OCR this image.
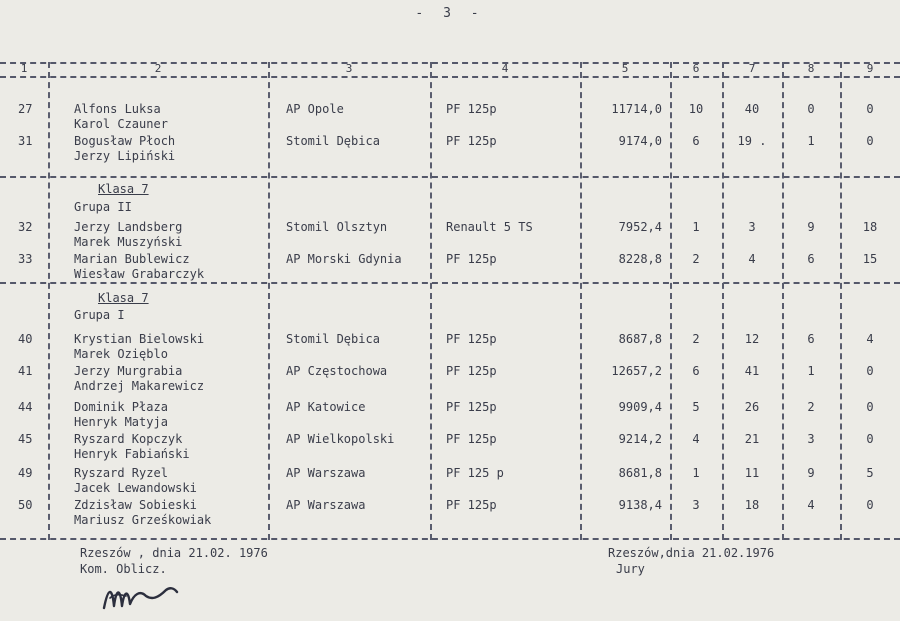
- 3 -
1	2	3	4	5	6	7	8	9
Klasa 7
Grupa II
Klasa 7
Grupa I
27	Alfons Luksa
Karol Czauner
AP Opole	PF 125p	11714,0	10	40	0	0
31	Bogusław Płoch
Jerzy Lipiński
Stomil Dębica	PF 125p	9174,0	6	19 .	1	0
32	Jerzy Landsberg
Marek Muszyński
Stomil Olsztyn	Renault 5 TS	7952,4	1	3	9	18
33	Marian Bublewicz
Wiesław Grabarczyk
AP Morski Gdynia	PF 125p	8228,8	2	4	6	15
40	Krystian Bielowski
Marek Ozięblo
Stomil Dębica	PF 125p	8687,8	2	12	6	4
41	Jerzy Murgrabia
Andrzej Makarewicz
AP Częstochowa	PF 125p	12657,2	6	41	1	0
44	Dominik Płaza
Henryk Matyja
AP Katowice	PF 125p	9909,4	5	26	2	0
45	Ryszard Kopczyk
Henryk Fabiański
AP Wielkopolski	PF 125p	9214,2	4	21	3	0
49	Ryszard Ryzel
Jacek Lewandowski
AP Warszawa	PF 125 p	8681,8	1	11	9	5
50	Zdzisław Sobieski
Mariusz Grześkowiak
AP Warszawa	PF 125p	9138,4	3	18	4	0
Rzeszów , dnia 21.02. 1976
Kom. Oblicz.
Rzeszów,dnia 21.02.1976
Jury
